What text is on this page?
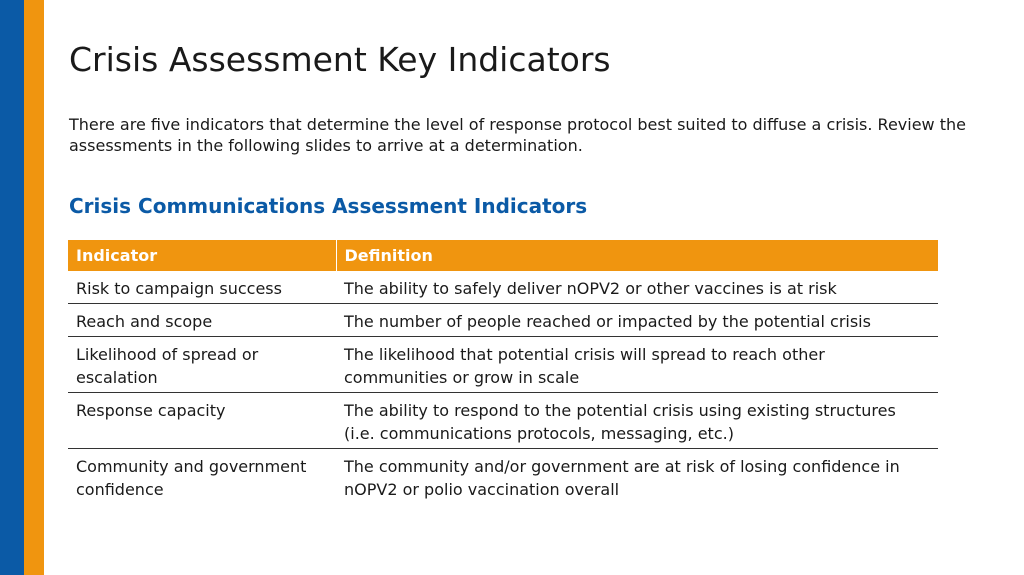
Crisis Assessment Key Indicators
There are five indicators that determine the level of response protocol best suited to diffuse a crisis. Review the assessments in the following slides to arrive at a determination.
Crisis Communications Assessment Indicators
Indicator	Definition
Risk to campaign success	The ability to safely deliver nOPV2 or other vaccines is at risk
Reach and scope	The number of people reached or impacted by the potential crisis
Likelihood of spread or escalation	The likelihood that potential crisis will spread to reach other communities or grow in scale
Response capacity	The ability to respond to the potential crisis using existing structures (i.e. communications protocols, messaging, etc.)
Community and government confidence	The community and/or government are at risk of losing confidence in nOPV2 or polio vaccination overall
